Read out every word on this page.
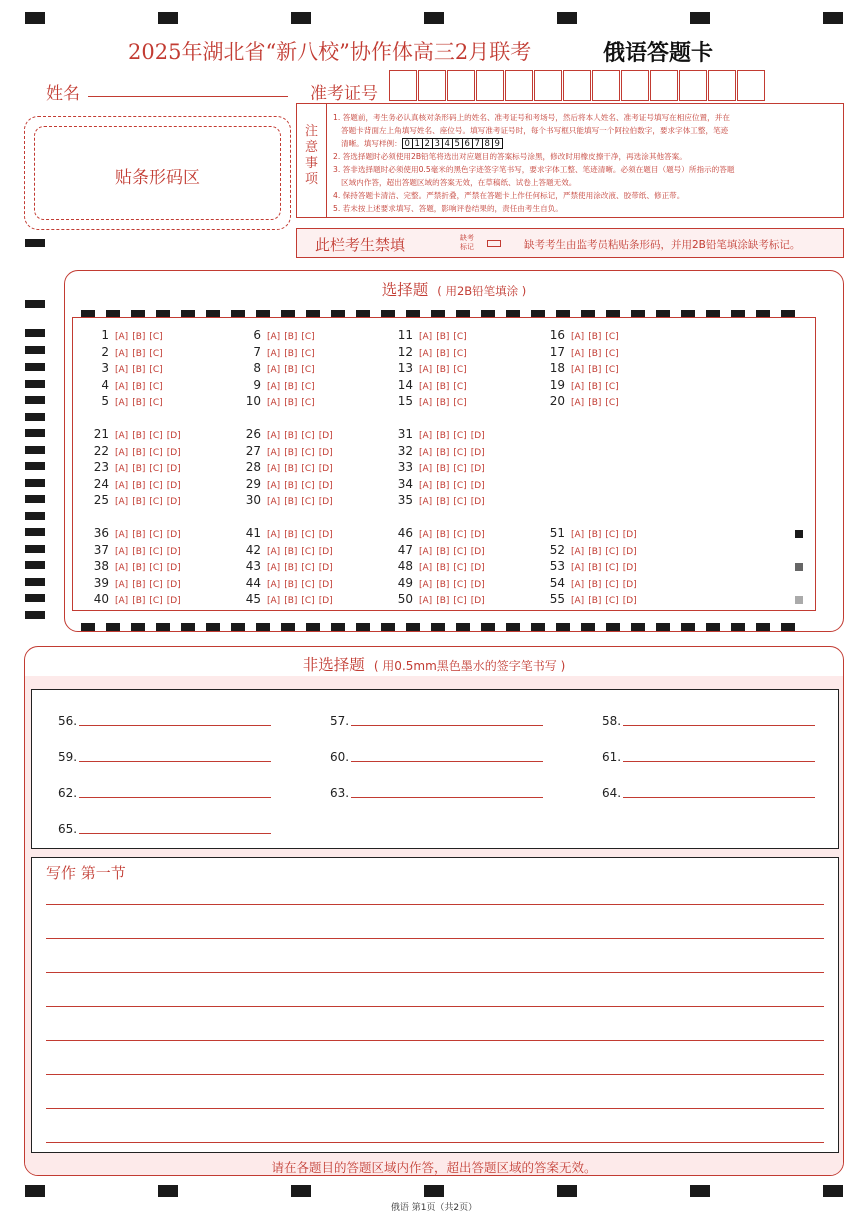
2025年湖北省“新八校”协作体高三2月联考	俄语答题卡
姓名	准考证号
贴条形码区
注
意
事
项
1. 答题前，考生务必认真核对条形码上的姓名、准考证号和考场号，然后将本人姓名、准考证号填写在相应位置，并在
答题卡背面左上角填写姓名、座位号。填写准考证号时，每个书写框只能填写一个阿拉伯数字，要求字体工整，笔迹
清晰。填写样例： 0 1 2 3 4 5 6 7 8 9
2. 答选择题时必须使用2B铅笔将选出对应题目的答案标号涂黑，修改时用橡皮擦干净，再选涂其他答案。
3. 答非选择题时必须使用0.5毫米的黑色字迹签字笔书写，要求字体工整、笔迹清晰。必须在题目（题号）所指示的答题
区域内作答，超出答题区域的答案无效，在草稿纸、试卷上答题无效。
4. 保持答题卡清洁、完整。严禁折叠，严禁在答题卡上作任何标记，严禁使用涂改液、胶带纸、修正带。
5. 若未按上述要求填写、答题，影响评卷结果的，责任由考生自负。
此栏考生禁填	缺考
标记	缺考考生由监考员粘贴条形码，并用2B铅笔填涂缺考标记。
选择题 ( 用2B铅笔填涂 )
1 [A] [B] [C]
2 [A] [B] [C]
3 [A] [B] [C]
4 [A] [B] [C]
5 [A] [B] [C]
6 [A] [B] [C]
7 [A] [B] [C]
8 [A] [B] [C]
9 [A] [B] [C]
10 [A] [B] [C]
11 [A] [B] [C]
12 [A] [B] [C]
13 [A] [B] [C]
14 [A] [B] [C]
15 [A] [B] [C]
16 [A] [B] [C]
17 [A] [B] [C]
18 [A] [B] [C]
19 [A] [B] [C]
20 [A] [B] [C]
21 [A] [B] [C] [D]
22 [A] [B] [C] [D]
23 [A] [B] [C] [D]
24 [A] [B] [C] [D]
25 [A] [B] [C] [D]
26 [A] [B] [C] [D]
27 [A] [B] [C] [D]
28 [A] [B] [C] [D]
29 [A] [B] [C] [D]
30 [A] [B] [C] [D]
31 [A] [B] [C] [D]
32 [A] [B] [C] [D]
33 [A] [B] [C] [D]
34 [A] [B] [C] [D]
35 [A] [B] [C] [D]
36 [A] [B] [C] [D]
37 [A] [B] [C] [D]
38 [A] [B] [C] [D]
39 [A] [B] [C] [D]
40 [A] [B] [C] [D]
41 [A] [B] [C] [D]
42 [A] [B] [C] [D]
43 [A] [B] [C] [D]
44 [A] [B] [C] [D]
45 [A] [B] [C] [D]
46 [A] [B] [C] [D]
47 [A] [B] [C] [D]
48 [A] [B] [C] [D]
49 [A] [B] [C] [D]
50 [A] [B] [C] [D]
51 [A] [B] [C] [D]
52 [A] [B] [C] [D]
53 [A] [B] [C] [D]
54 [A] [B] [C] [D]
55 [A] [B] [C] [D]
非选择题 ( 用0.5mm黑色墨水的签字笔书写 )
56.	57.	58.
59.	60.	61.
62.	63.	64.
65.
写作 第一节
请在各题目的答题区域内作答，超出答题区域的答案无效。
俄语 第1页（共2页）
